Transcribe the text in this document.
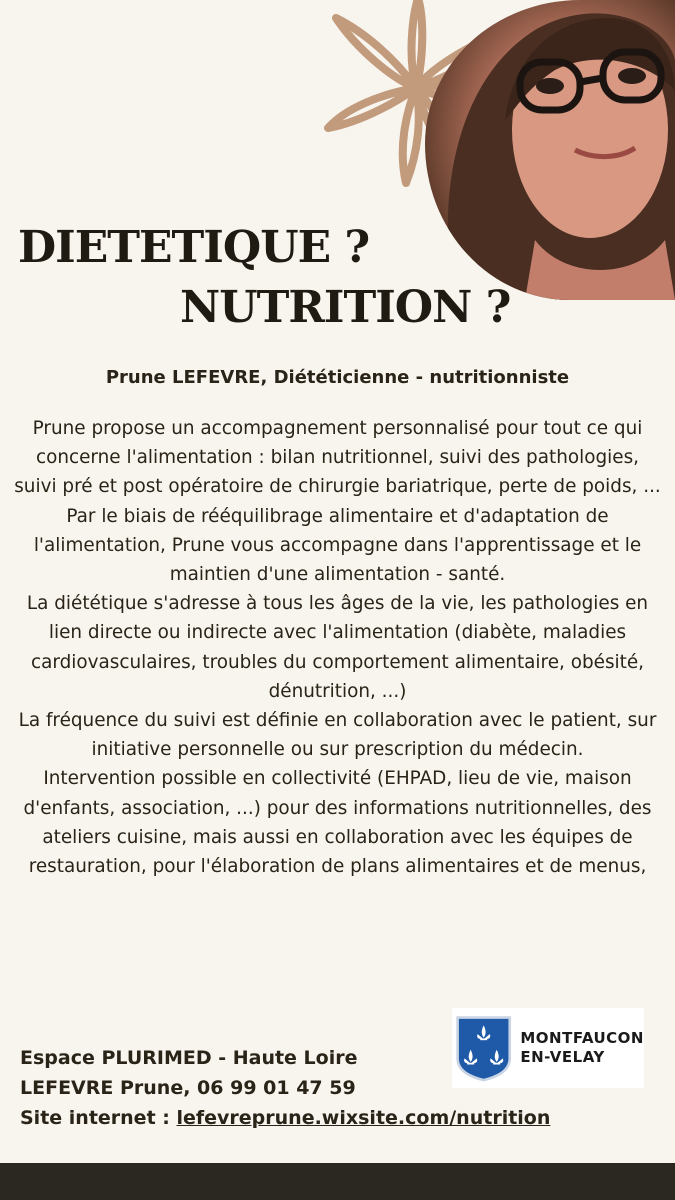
DIETETIQUE ?
NUTRITION ?
Prune LEFEVRE, Diététicienne - nutritionniste

Prune propose un accompagnement personnalisé pour tout ce qui concerne l'alimentation : bilan nutritionnel, suivi des pathologies, suivi pré et post opératoire de chirurgie bariatrique, perte de poids, ...

Par le biais de rééquilibrage alimentaire et d'adaptation de l'alimentation, Prune vous accompagne dans l'apprentissage et le maintien d'une alimentation - santé.

La diététique s'adresse à tous les âges de la vie, les pathologies en lien directe ou indirecte avec l'alimentation (diabète, maladies cardiovasculaires, troubles du comportement alimentaire, obésité, dénutrition, ...)

La fréquence du suivi est définie en collaboration avec le patient, sur initiative personnelle ou sur prescription du médecin.

Intervention possible en collectivité (EHPAD, lieu de vie, maison d'enfants, association, ...) pour des informations nutritionnelles, des ateliers cuisine, mais aussi en collaboration avec les équipes de restauration, pour l'élaboration de plans alimentaires et de menus,

Espace PLURIMED - Haute Loire
LEFEVRE Prune, 06 99 01 47 59
Site internet : lefevreprune.wixsite.com/nutrition
MONTFAUCON
EN-VELAY
